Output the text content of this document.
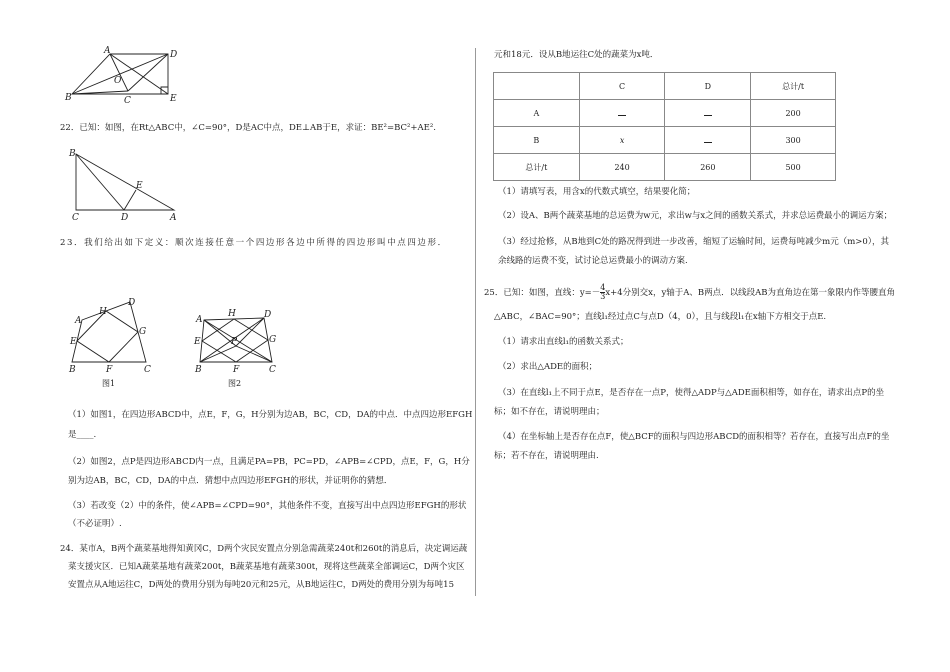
A	D
O
B	C	E
22．已知：如图，在Rt△ABC中，∠C=90°，D是AC中点，DE⊥AB于E，求证：BE²=BC²+AE².
B
E
C	D	A
23．我们给出如下定义：顺次连接任意一个四边形各边中所得的四边形叫中点四边形．
A
H
D
E
G
B	F	C
图1
A
H	D
E	G
P
B	F	C
图2
（1）如图1，在四边形ABCD中，点E，F，G，H分别为边AB，BC，CD，DA的中点．中点四边形EFGH
是____.
（2）如图2，点P是四边形ABCD内一点，且满足PA=PB，PC=PD，∠APB=∠CPD，点E，F，G，H分
别为边AB，BC，CD，DA的中点．猜想中点四边形EFGH的形状，并证明你的猜想．
（3）若改变（2）中的条件，使∠APB=∠CPD=90°，其他条件不变，直接写出中点四边形EFGH的形状
（不必证明）.
24．某市A，B两个蔬菜基地得知黄冈C，D两个灾民安置点分别急需蔬菜240t和260t的消息后，决定调运蔬
菜支援灾区．已知A蔬菜基地有蔬菜200t，B蔬菜基地有蔬菜300t，现将这些蔬菜全部调运C，D两个灾区
安置点从A地运往C，D两处的费用分别为每吨20元和25元，从B地运往C，D两处的费用分别为每吨15
元和18元．设从B地运往C处的蔬菜为x吨．
	C	D	总计/t
A			200
B	x		300
总计/t	240	260	500
（1）请填写表，用含x的代数式填空，结果要化简；
（2）设A、B两个蔬菜基地的总运费为w元，求出w与x之间的函数关系式，并求总运费最小的调运方案；
（3）经过抢修，从B地到C处的路况得到进一步改善，缩短了运输时间，运费每吨减少m元（m>0），其
余线路的运费不变，试讨论总运费最小的调动方案.
25．已知：如图，直线：$y=- \frac{4}{3} x+4$分别交x，y轴于A、B两点．以线段AB为直角边在第一象限内作等腰直角
△ABC，∠BAC=90°；直线l₁经过点C与点D（4，0），且与线段l₁在x轴下方相交于点E.
（1）请求出直线l₁的函数关系式；
（2）求出△ADE的面积；
（3）在直线l₁上不同于点E，是否存在一点P，使得△ADP与△ADE面积相等，如存在，请求出点P的坐
标；如不存在，请说明理由；
（4）在坐标轴上是否存在点F，使△BCF的面积与四边形ABCD的面积相等？若存在，直接写出点F的坐
标；若不存在，请说明理由.
